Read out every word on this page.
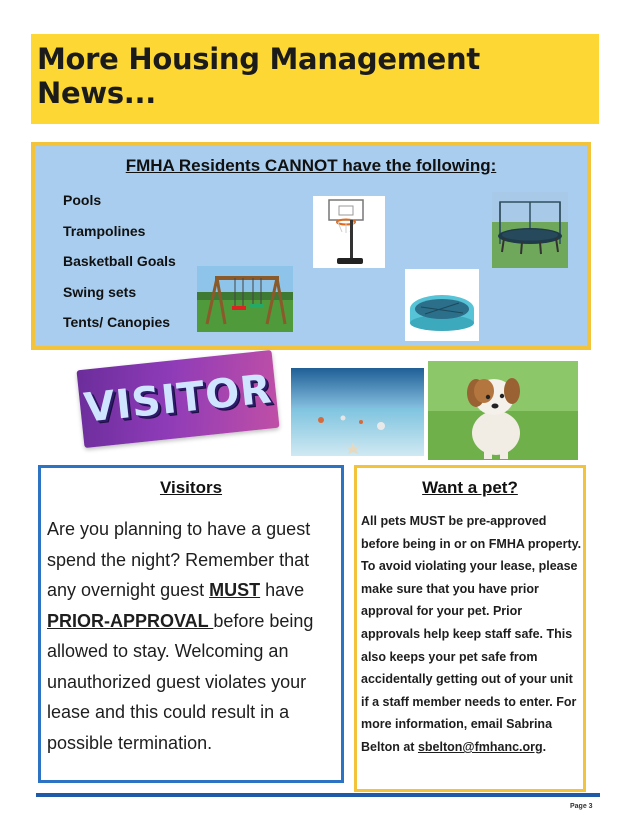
More Housing Management News...
FMHA Residents CANNOT have the following:
Pools
Trampolines
Basketball Goals
Swing sets
Tents/ Canopies
VISITOR
Visitors
Are you planning to have a guest spend the night? Remember that any overnight guest MUST have PRIOR-APPROVAL before being allowed to stay. Welcoming an unauthorized guest violates your lease and this could result in a possible termination.
Want a pet?
All pets MUST be pre-approved before being in or on FMHA property. To avoid violating your lease, please make sure that you have prior approval for your pet. Prior approvals help keep staff safe. This also keeps your pet safe from accidentally getting out of your unit if a staff member needs to enter. For more information, email Sabrina Belton at sbelton@fmhanc.org.
Page 3
